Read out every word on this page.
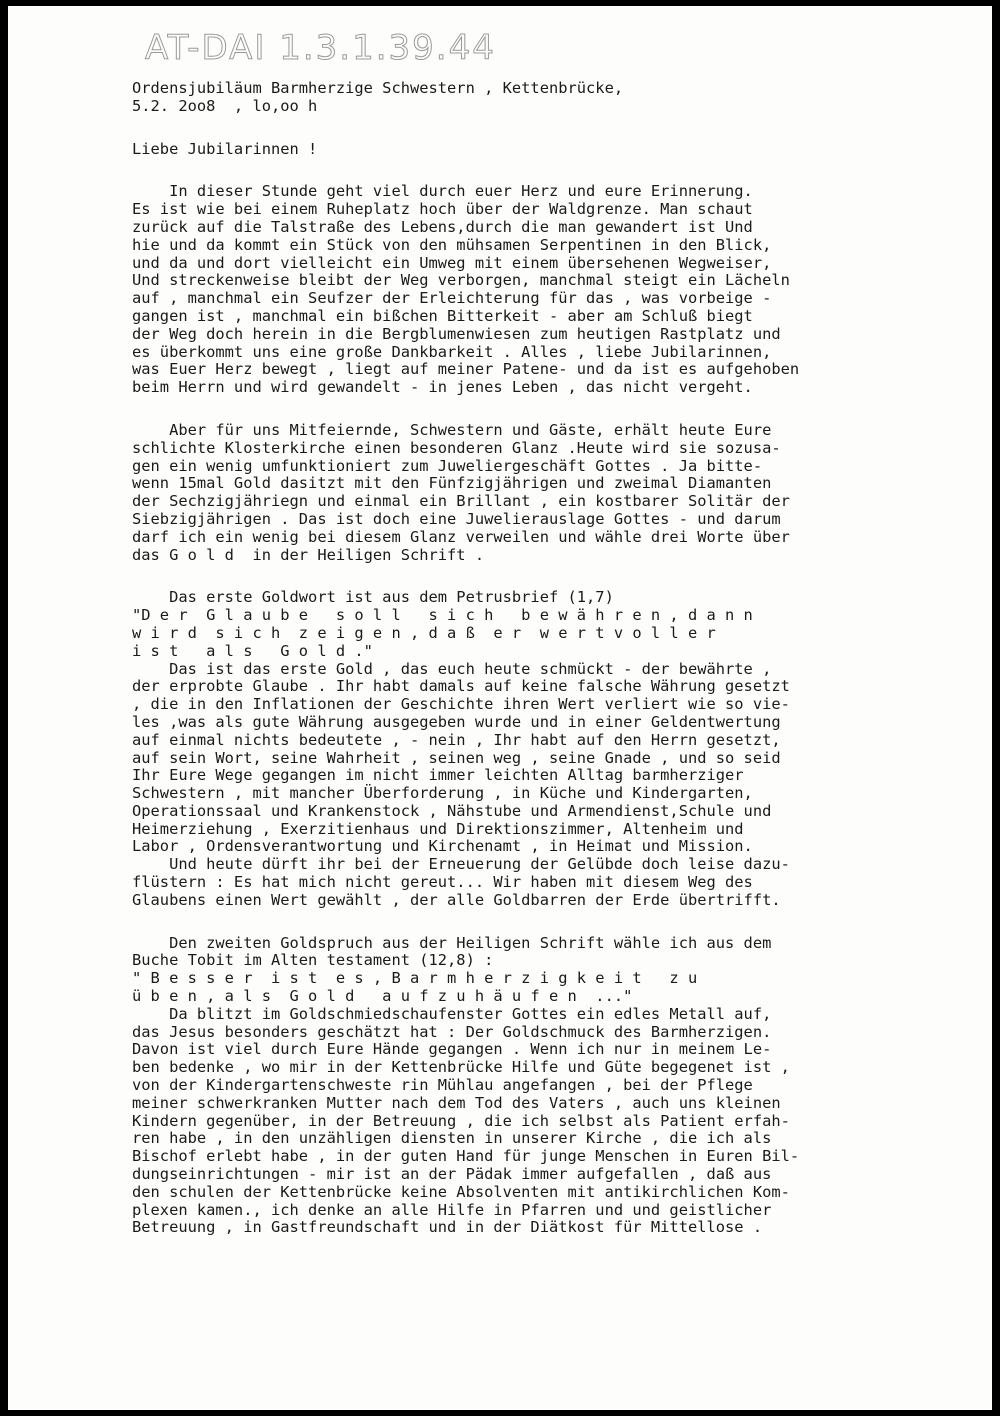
AT-DAI 1.3.1.39.44
Ordensjubiläum Barmherzige Schwestern , Kettenbrücke,
5.2. 2oo8  , lo,oo h
Liebe Jubilarinnen !
In dieser Stunde geht viel durch euer Herz und eure Erinnerung.
Es ist wie bei einem Ruheplatz hoch über der Waldgrenze. Man schaut
zurück auf die Talstraße des Lebens,durch die man gewandert ist Und
hie und da kommt ein Stück von den mühsamen Serpentinen in den Blick,
und da und dort vielleicht ein Umweg mit einem übersehenen Wegweiser,
Und streckenweise bleibt der Weg verborgen, manchmal steigt ein Lächeln
auf , manchmal ein Seufzer der Erleichterung für das , was vorbeige -
gangen ist , manchmal ein bißchen Bitterkeit - aber am Schluß biegt
der Weg doch herein in die Bergblumenwiesen zum heutigen Rastplatz und
es überkommt uns eine große Dankbarkeit . Alles , liebe Jubilarinnen,
was Euer Herz bewegt , liegt auf meiner Patene- und da ist es aufgehoben
beim Herrn und wird gewandelt - in jenes Leben , das nicht vergeht.
Aber für uns Mitfeiernde, Schwestern und Gäste, erhält heute Eure
schlichte Klosterkirche einen besonderen Glanz .Heute wird sie sozusa-
gen ein wenig umfunktioniert zum Juweliergeschäft Gottes . Ja bitte-
wenn 15mal Gold dasitzt mit den Fünfzigjährigen und zweimal Diamanten
der Sechzigjähriegn und einmal ein Brillant , ein kostbarer Solitär der
Siebzigjährigen . Das ist doch eine Juwelierauslage Gottes - und darum
darf ich ein wenig bei diesem Glanz verweilen und wähle drei Worte über
das G o l d  in der Heiligen Schrift .
Das erste Goldwort ist aus dem Petrusbrief (1,7)
"D e r  G l a u b e   s o l l   s i c h   b e w ä h r e n , d a n n
w i r d  s i c h  z e i g e n , d a ß  e r  w e r t v o l l e r
i s t   a l s   G o l d ."
Das ist das erste Gold , das euch heute schmückt - der bewährte ,
der erprobte Glaube . Ihr habt damals auf keine falsche Währung gesetzt
, die in den Inflationen der Geschichte ihren Wert verliert wie so vie-
les ,was als gute Währung ausgegeben wurde und in einer Geldentwertung
auf einmal nichts bedeutete , - nein , Ihr habt auf den Herrn gesetzt,
auf sein Wort, seine Wahrheit , seinen weg , seine Gnade , und so seid
Ihr Eure Wege gegangen im nicht immer leichten Alltag barmherziger
Schwestern , mit mancher Überforderung , in Küche und Kindergarten,
Operationssaal und Krankenstock , Nähstube und Armendienst,Schule und
Heimerziehung , Exerzitienhaus und Direktionszimmer, Altenheim und
Labor , Ordensverantwortung und Kirchenamt , in Heimat und Mission.
Und heute dürft ihr bei der Erneuerung der Gelübde doch leise dazu-
flüstern : Es hat mich nicht gereut... Wir haben mit diesem Weg des
Glaubens einen Wert gewählt , der alle Goldbarren der Erde übertrifft.
Den zweiten Goldspruch aus der Heiligen Schrift wähle ich aus dem
Buche Tobit im Alten testament (12,8) :
" B e s s e r  i s t  e s , B a r m h e r z i g k e i t   z u
ü b e n , a l s  G o l d   a u f z u h ä u f e n  ..."
Da blitzt im Goldschmiedschaufenster Gottes ein edles Metall auf,
das Jesus besonders geschätzt hat : Der Goldschmuck des Barmherzigen.
Davon ist viel durch Eure Hände gegangen . Wenn ich nur in meinem Le-
ben bedenke , wo mir in der Kettenbrücke Hilfe und Güte begegenet ist ,
von der Kindergartenschweste rin Mühlau angefangen , bei der Pflege
meiner schwerkranken Mutter nach dem Tod des Vaters , auch uns kleinen
Kindern gegenüber, in der Betreuung , die ich selbst als Patient erfah-
ren habe , in den unzähligen diensten in unserer Kirche , die ich als
Bischof erlebt habe , in der guten Hand für junge Menschen in Euren Bil-
dungseinrichtungen - mir ist an der Pädak immer aufgefallen , daß aus
den schulen der Kettenbrücke keine Absolventen mit antikirchlichen Kom-
plexen kamen., ich denke an alle Hilfe in Pfarren und und geistlicher
Betreuung , in Gastfreundschaft und in der Diätkost für Mittellose .
